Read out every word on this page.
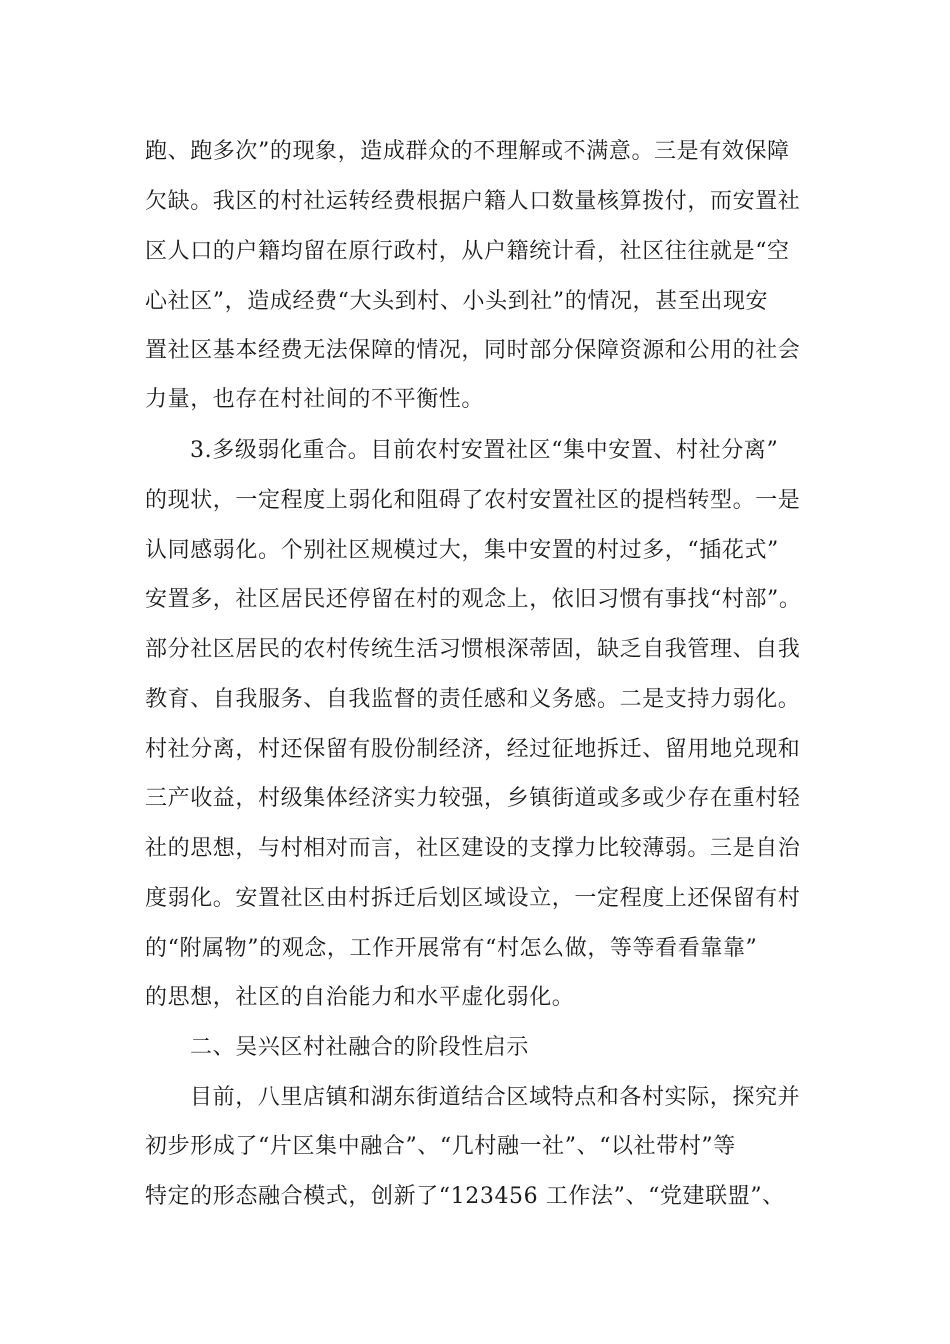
跑、跑多次”的现象，造成群众的不理解或不满意。三是有效保障
欠缺。我区的村社运转经费根据户籍人口数量核算拨付，而安置社
区人口的户籍均留在原行政村，从户籍统计看，社区往往就是“空
心社区”，造成经费“大头到村、小头到社”的情况，甚至出现安
置社区基本经费无法保障的情况，同时部分保障资源和公用的社会
力量，也存在村社间的不平衡性。
3.多级弱化重合。目前农村安置社区“集中安置、村社分离”
的现状，一定程度上弱化和阻碍了农村安置社区的提档转型。一是
认同感弱化。个别社区规模过大，集中安置的村过多，“插花式”
安置多，社区居民还停留在村的观念上，依旧习惯有事找“村部”。
部分社区居民的农村传统生活习惯根深蒂固，缺乏自我管理、自我
教育、自我服务、自我监督的责任感和义务感。二是支持力弱化。
村社分离，村还保留有股份制经济，经过征地拆迁、留用地兑现和
三产收益，村级集体经济实力较强，乡镇街道或多或少存在重村轻
社的思想，与村相对而言，社区建设的支撑力比较薄弱。三是自治
度弱化。安置社区由村拆迁后划区域设立，一定程度上还保留有村
的“附属物”的观念，工作开展常有“村怎么做，等等看看靠靠”
的思想，社区的自治能力和水平虚化弱化。
二、吴兴区村社融合的阶段性启示
目前，八里店镇和湖东街道结合区域特点和各村实际，探究并
初步形成了“片区集中融合”、“几村融一社”、“以社带村”等
特定的形态融合模式，创新了“123456 工作法”、“党建联盟”、
